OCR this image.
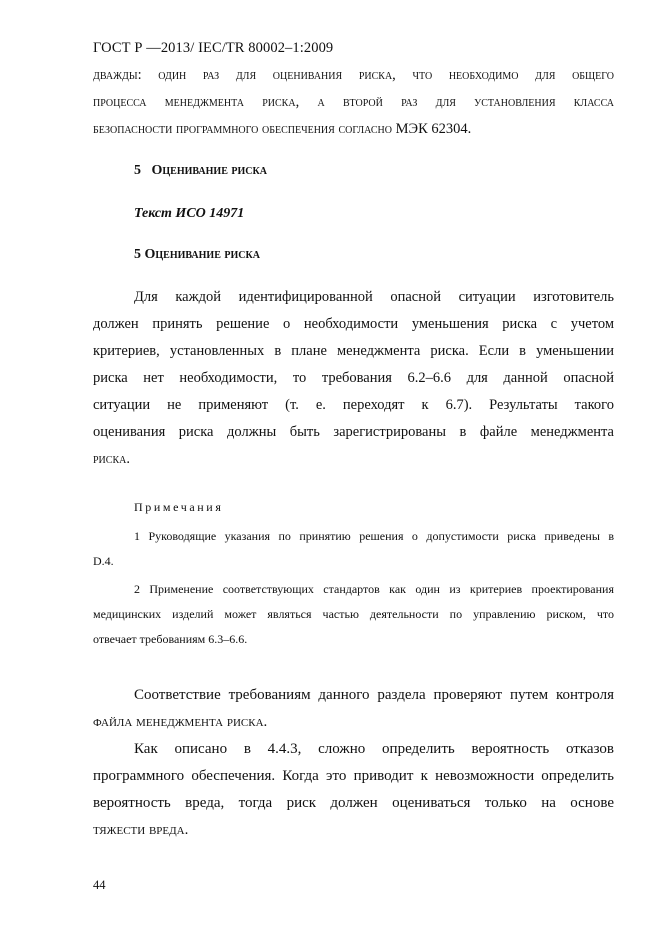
ГОСТ Р —2013/ IEC/TR 80002–1:2009
дважды: один раз для оценивания риска, что необходимо для общего
процесса менеджмента риска, а второй раз для установления класса
безопасности программного обеспечения согласно МЭК 62304.
5 Оценивание риска
Текст ИСО 14971
5 Оценивание риска
Для каждой идентифицированной опасной ситуации изготовитель
должен принять решение о необходимости уменьшения риска с учетом
критериев, установленных в плане менеджмента риска. Если в уменьшении
риска нет необходимости, то требования 6.2–6.6 для данной опасной
ситуации не применяют (т. е. переходят к 6.7). Результаты такого
оценивания риска должны быть зарегистрированы в файле менеджмента
риска.
Примечания
1 Руководящие указания по принятию решения о допустимости риска приведены в
D.4.
2 Применение соответствующих стандартов как один из критериев проектирования
медицинских изделий может являться частью деятельности по управлению риском, что
отвечает требованиям 6.3–6.6.
Соответствие требованиям данного раздела проверяют путем контроля
файла менеджмента риска.
Как описано в 4.4.3, сложно определить вероятность отказов
программного обеспечения. Когда это приводит к невозможности определить
вероятность вреда, тогда риск должен оцениваться только на основе
тяжести вреда.
44
